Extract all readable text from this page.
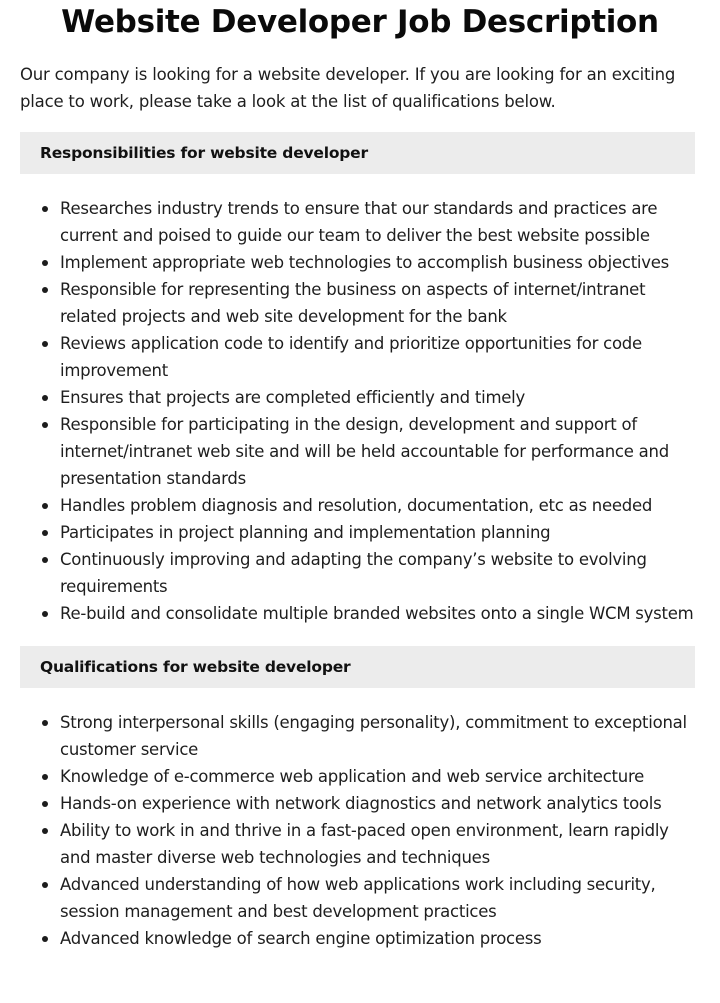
Website Developer Job Description

Our company is looking for a website developer. If you are looking for an exciting place to work, please take a look at the list of qualifications below.

Responsibilities for website developer
Researches industry trends to ensure that our standards and practices are current and poised to guide our team to deliver the best website possible
Implement appropriate web technologies to accomplish business objectives
Responsible for representing the business on aspects of internet/intranet related projects and web site development for the bank
Reviews application code to identify and prioritize opportunities for code improvement
Ensures that projects are completed efficiently and timely
Responsible for participating in the design, development and support of internet/intranet web site and will be held accountable for performance and presentation standards
Handles problem diagnosis and resolution, documentation, etc as needed
Participates in project planning and implementation planning
Continuously improving and adapting the company’s website to evolving requirements
Re-build and consolidate multiple branded websites onto a single WCM system
Qualifications for website developer
Strong interpersonal skills (engaging personality), commitment to exceptional customer service
Knowledge of e-commerce web application and web service architecture
Hands-on experience with network diagnostics and network analytics tools
Ability to work in and thrive in a fast-paced open environment, learn rapidly and master diverse web technologies and techniques
Advanced understanding of how web applications work including security, session management and best development practices
Advanced knowledge of search engine optimization process
